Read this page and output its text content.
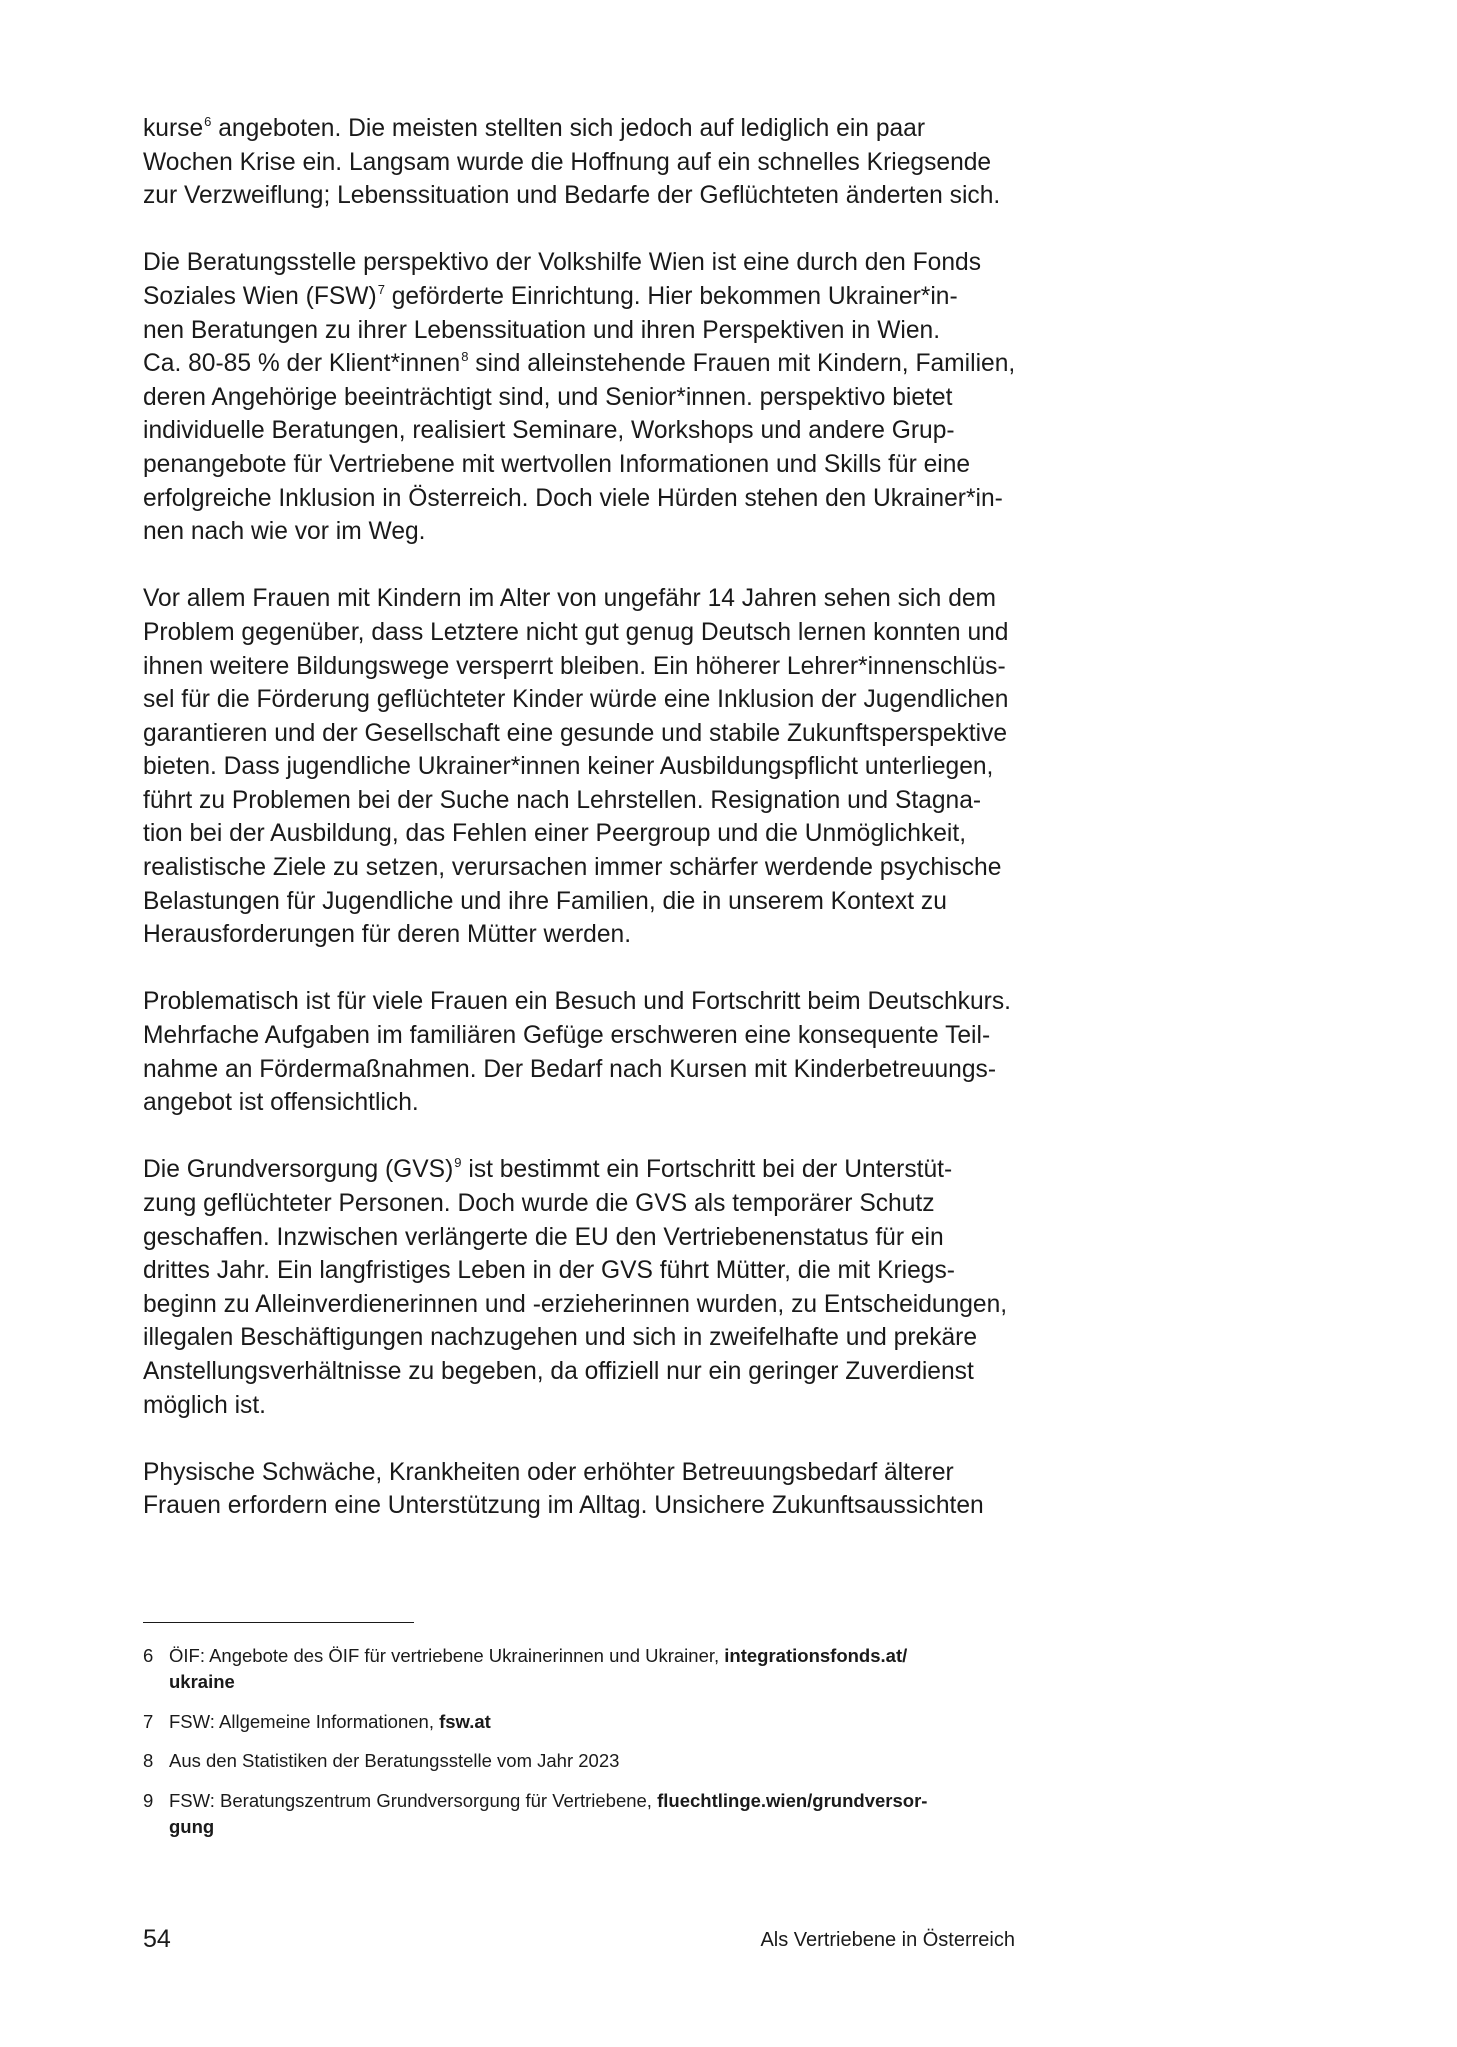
kurse$^6$ angeboten. Die meisten stellten sich jedoch auf lediglich ein paar
Wochen Krise ein. Langsam wurde die Hoffnung auf ein schnelles Kriegsende
zur Verzweiflung; Lebenssituation und Bedarfe der Geflüchteten änderten sich.
Die Beratungsstelle perspektivo der Volkshilfe Wien ist eine durch den Fonds
Soziales Wien (FSW)$^7$ geförderte Einrichtung. Hier bekommen Ukrainer*in-
nen Beratungen zu ihrer Lebenssituation und ihren Perspektiven in Wien.
Ca. 80-85 % der Klient*innen$^8$ sind alleinstehende Frauen mit Kindern, Familien,
deren Angehörige beeinträchtigt sind, und Senior*innen. perspektivo bietet
individuelle Beratungen, realisiert Seminare, Workshops und andere Grup-
penangebote für Vertriebene mit wertvollen Informationen und Skills für eine
erfolgreiche Inklusion in Österreich. Doch viele Hürden stehen den Ukrainer*in-
nen nach wie vor im Weg.
Vor allem Frauen mit Kindern im Alter von ungefähr 14 Jahren sehen sich dem
Problem gegenüber, dass Letztere nicht gut genug Deutsch lernen konnten und
ihnen weitere Bildungswege versperrt bleiben. Ein höherer Lehrer*innenschlüs-
sel für die Förderung geflüchteter Kinder würde eine Inklusion der Jugendlichen
garantieren und der Gesellschaft eine gesunde und stabile Zukunftsperspektive
bieten. Dass jugendliche Ukrainer*innen keiner Ausbildungspflicht unterliegen,
führt zu Problemen bei der Suche nach Lehrstellen. Resignation und Stagna-
tion bei der Ausbildung, das Fehlen einer Peergroup und die Unmöglichkeit,
realistische Ziele zu setzen, verursachen immer schärfer werdende psychische
Belastungen für Jugendliche und ihre Familien, die in unserem Kontext zu
Herausforderungen für deren Mütter werden.
Problematisch ist für viele Frauen ein Besuch und Fortschritt beim Deutschkurs.
Mehrfache Aufgaben im familiären Gefüge erschweren eine konsequente Teil-
nahme an Fördermaßnahmen. Der Bedarf nach Kursen mit Kinderbetreuungs-
angebot ist offensichtlich.
Die Grundversorgung (GVS)$^9$ ist bestimmt ein Fortschritt bei der Unterstüt-
zung geflüchteter Personen. Doch wurde die GVS als temporärer Schutz
geschaffen. Inzwischen verlängerte die EU den Vertriebenenstatus für ein
drittes Jahr. Ein langfristiges Leben in der GVS führt Mütter, die mit Kriegs-
beginn zu Alleinverdienerinnen und -erzieherinnen wurden, zu Entscheidungen,
illegalen Beschäftigungen nachzugehen und sich in zweifelhafte und prekäre
Anstellungsverhältnisse zu begeben, da offiziell nur ein geringer Zuverdienst
möglich ist.
Physische Schwäche, Krankheiten oder erhöhter Betreuungsbedarf älterer
Frauen erfordern eine Unterstützung im Alltag. Unsichere Zukunftsaussichten
6 ÖIF: Angebote des ÖIF für vertriebene Ukrainerinnen und Ukrainer, integrationsfonds.at/
ukraine
7 FSW: Allgemeine Informationen, fsw.at
8 Aus den Statistiken der Beratungsstelle vom Jahr 2023
9 FSW: Beratungszentrum Grundversorgung für Vertriebene, fluechtlinge.wien/grundversor-
gung
54	Als Vertriebene in Österreich
